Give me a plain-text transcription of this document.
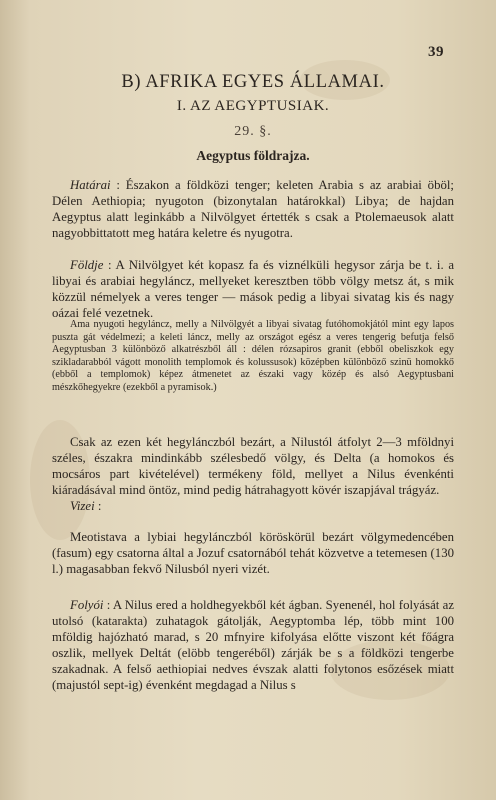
39
B) AFRIKA EGYES ÁLLAMAI.
I. AZ AEGYPTUSIAK.
29. §.
Aegyptus földrajza.

Határai : Északon a földközi tenger; keleten Arabia s az arabiai öböl; Délen Aethiopia; nyugoton (bizonytalan határokkal) Libya; de hajdan Aegyptus alatt leginkább a Nilvölgyet értették s csak a Ptolemaeusok alatt nagyobbittatott meg határa keletre és nyugotra.

Földje : A Nilvölgyet két kopasz fa és viznélküli hegysor zárja be t. i. a libyai és arabiai hegyláncz, mellyeket keresztben több völgy metsz át, s mik közzül némelyek a veres tenger — mások pedig a libyai sivatag kis és nagy oázai felé vezetnek.

Ama nyugoti hegyláncz, melly a Nilvölgyét a libyai sivatag futóhomokjától mint egy lapos puszta gát védelmezi; a keleti láncz, melly az országot egész a veres tengerig befutja felső Aegyptusban 3 különböző alkatrészből áll : délen rózsapiros granit (ebből obeliszkok egy szikladarabból vágott monolith templomok és kolussusok) középben különböző szinü homokkő (ebből a templomok) képez átmenetet az északi vagy közép és alsó Aegyptusbani mészkőhegyekre (ezekből a pyramisok.)

Csak az ezen két hegylánczból bezárt, a Nilustól átfolyt 2—3 mföldnyi széles, északra mindinkább szélesbedő völgy, és Delta (a homokos és mocsáros part kivételével) termékeny föld, mellyet a Nilus évenkénti kiáradásával mind öntöz, mind pedig hátrahagyott kövér iszapjával trágyáz.

Vizei :

Meotistava a lybiai hegylánczból köröskörül bezárt völgymedencében (fasum) egy csatorna által a Jozuf csatornából tehát közvetve a tetemesen (130 l.) magasabban fekvő Nilusból nyeri vizét.

Folyói : A Nilus ered a holdhegyekből két ágban. Syenenél, hol folyását az utolsó (katarakta) zuhatagok gátolják, Aegyptomba lép, több mint 100 mföldig hajózható marad, s 20 mfnyire kifolyása előtte viszont két főágra oszlik, mellyek Deltát (elöbb tengeréből) zárják be s a földközi tengerbe szakadnak. A felső aethiopiai nedves évszak alatti folytonos esőzések miatt (majustól sept-ig) évenként megdagad a Nilus s
